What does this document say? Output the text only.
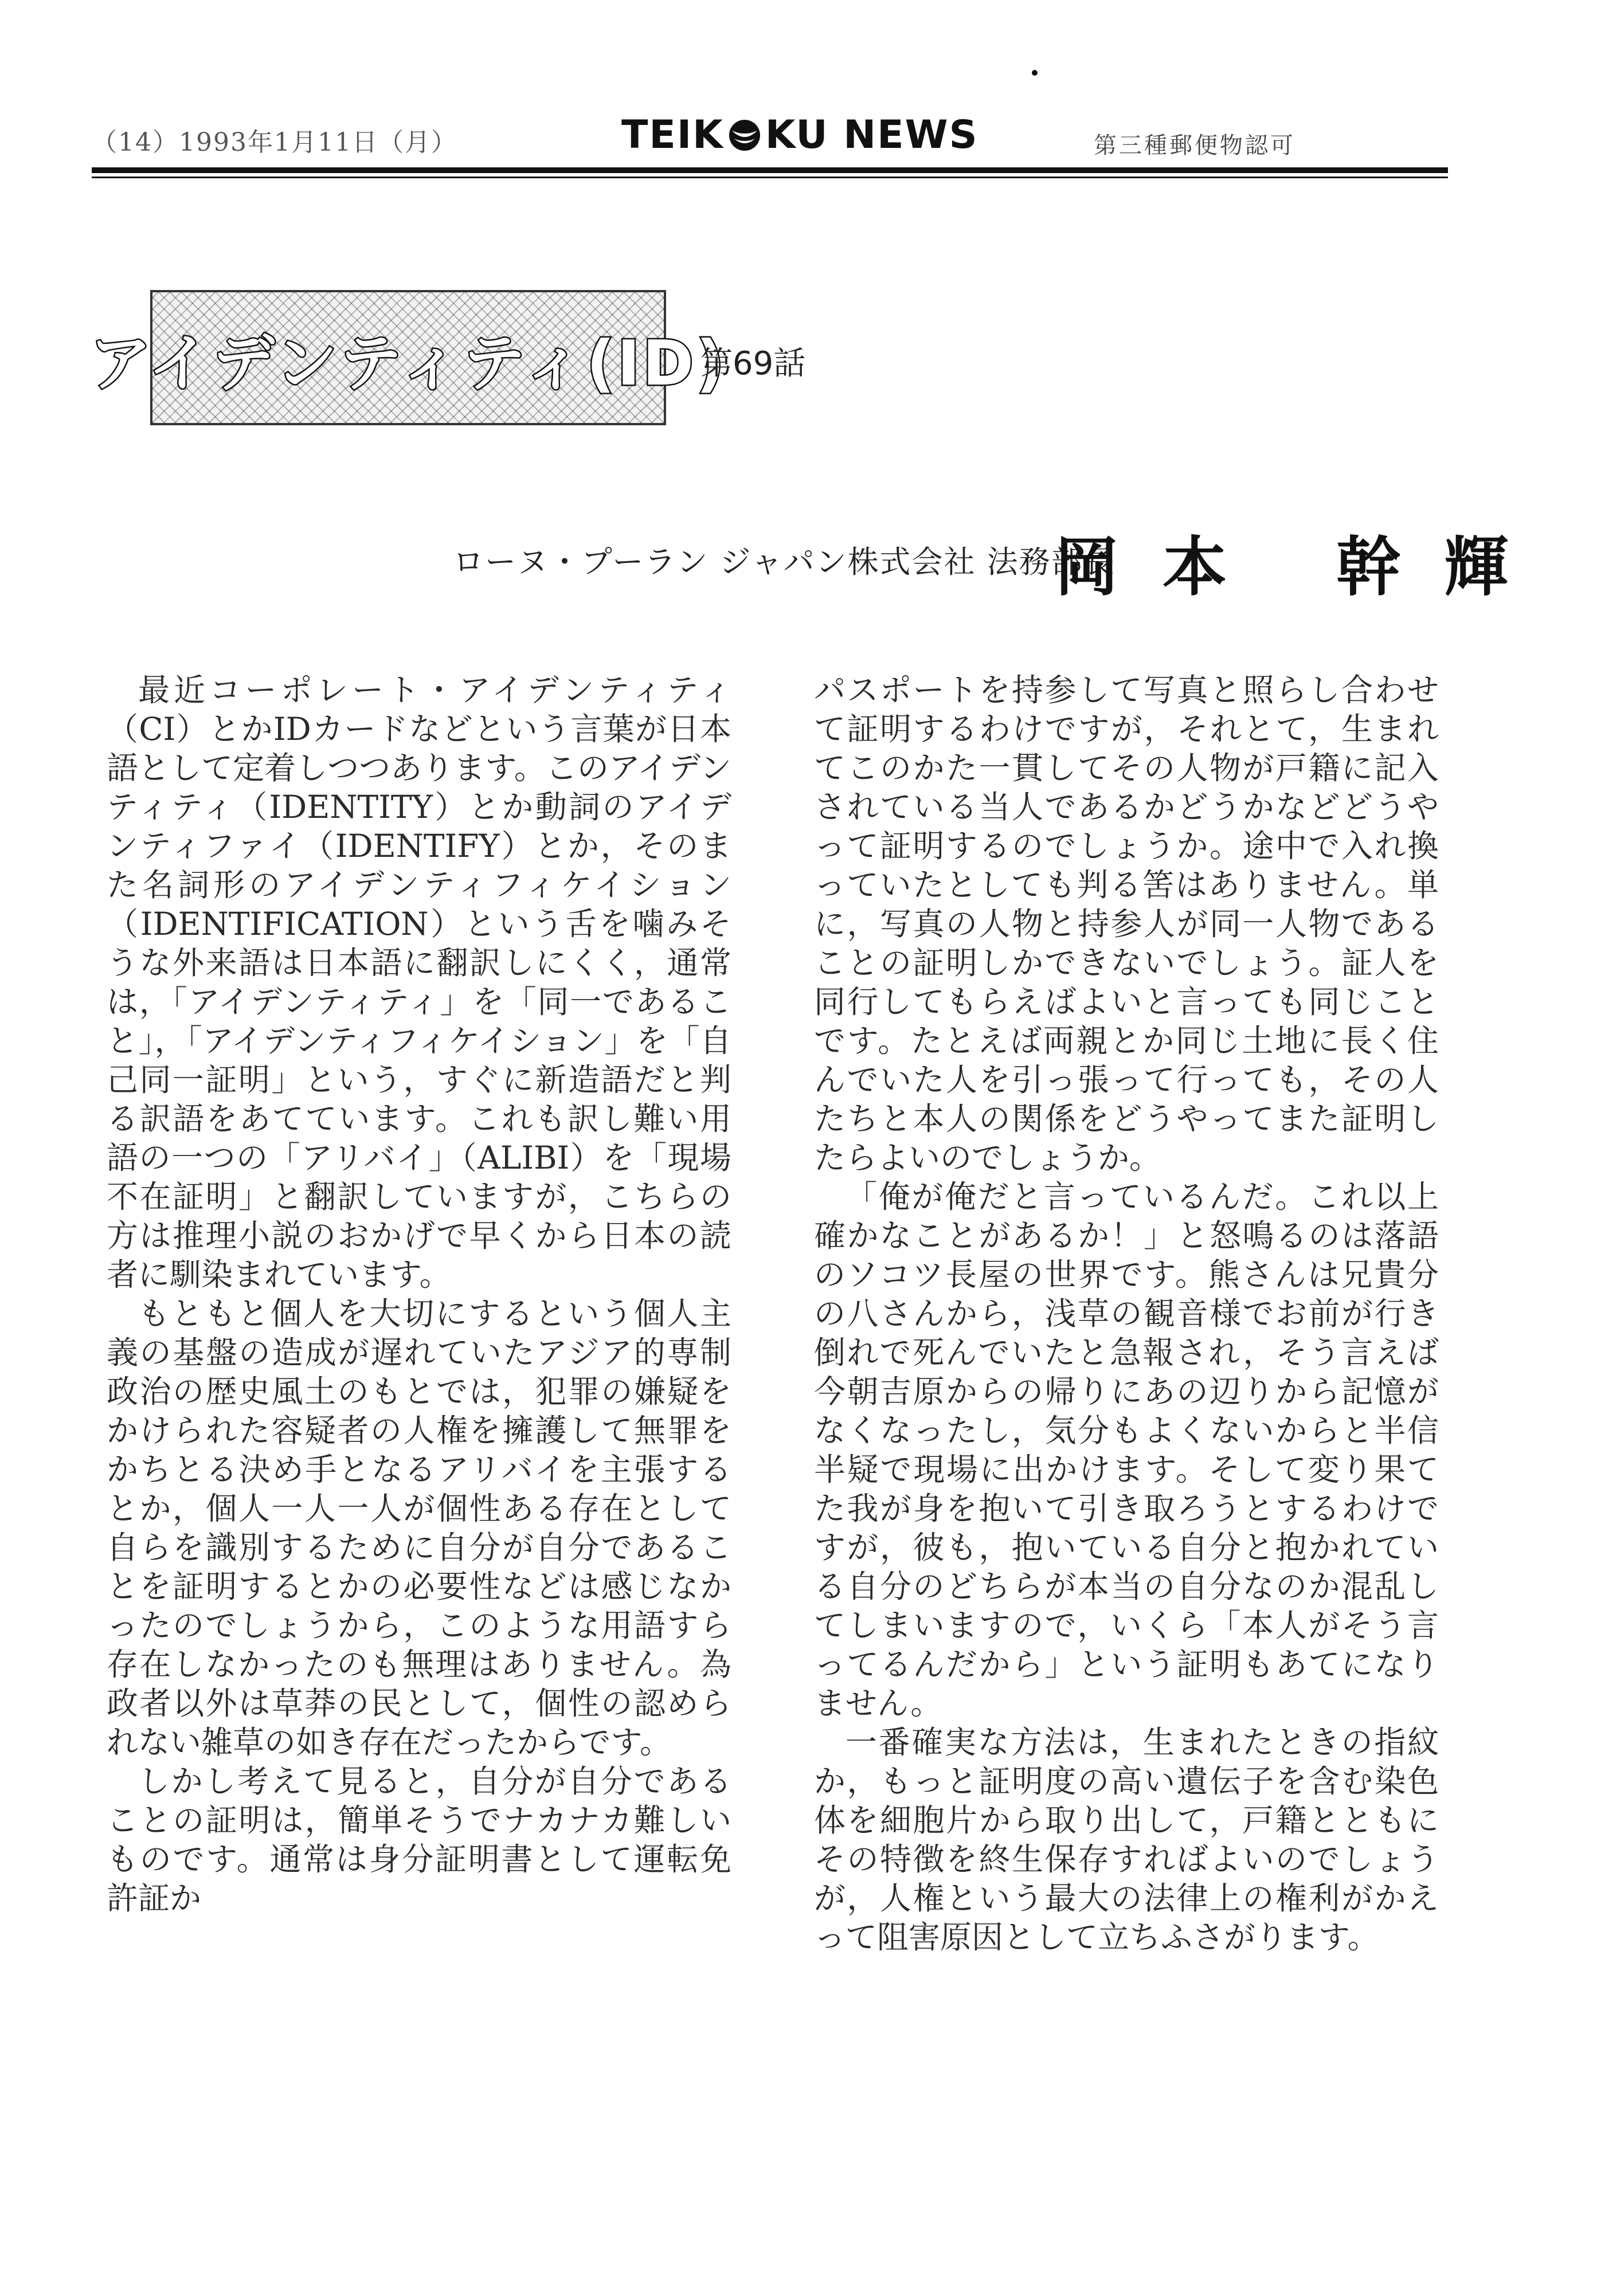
（14）1993年1月11日（月）	TEIK KU NEWS	第三種郵便物認可
アイデンティティ(ID)
第69話
ローヌ・プーラン ジャパン株式会社 法務部長
岡本 幹輝

最近コーポレート・アイデンティティ（CI）とかIDカードなどという言葉が日本語として定着しつつあります。このアイデンティティ（IDENTITY）とか動詞のアイデンティファイ（IDENTIFY）とか，そのまた名詞形のアイデンティフィケイション（IDENTIFICATION）という舌を噛みそうな外来語は日本語に翻訳しにくく，通常は，「アイデンティティ」を「同一であること」，「アイデンティフィケイション」を「自己同一証明」という，すぐに新造語だと判る訳語をあてています。これも訳し難い用語の一つの「アリバイ」（ALIBI）を「現場不在証明」と翻訳していますが，こちらの方は推理小説のおかげで早くから日本の読者に馴染まれています。

もともと個人を大切にするという個人主義の基盤の造成が遅れていたアジア的専制政治の歴史風土のもとでは，犯罪の嫌疑をかけられた容疑者の人権を擁護して無罪をかちとる決め手となるアリバイを主張するとか，個人一人一人が個性ある存在として自らを識別するために自分が自分であることを証明するとかの必要性などは感じなかったのでしょうから，このような用語すら存在しなかったのも無理はありません。為政者以外は草莽の民として，個性の認められない雑草の如き存在だったからです。

しかし考えて見ると，自分が自分であることの証明は，簡単そうでナカナカ難しいものです。通常は身分証明書として運転免許証か

パスポートを持参して写真と照らし合わせて証明するわけですが，それとて，生まれてこのかた一貫してその人物が戸籍に記入されている当人であるかどうかなどどうやって証明するのでしょうか。途中で入れ換っていたとしても判る筈はありません。単に，写真の人物と持参人が同一人物であることの証明しかできないでしょう。証人を同行してもらえばよいと言っても同じことです。たとえば両親とか同じ土地に長く住んでいた人を引っ張って行っても，その人たちと本人の関係をどうやってまた証明したらよいのでしょうか。

「俺が俺だと言っているんだ。これ以上確かなことがあるか！」と怒鳴るのは落語のソコツ長屋の世界です。熊さんは兄貴分の八さんから，浅草の観音様でお前が行き倒れで死んでいたと急報され，そう言えば今朝吉原からの帰りにあの辺りから記憶がなくなったし，気分もよくないからと半信半疑で現場に出かけます。そして変り果てた我が身を抱いて引き取ろうとするわけですが，彼も，抱いている自分と抱かれている自分のどちらが本当の自分なのか混乱してしまいますので，いくら「本人がそう言ってるんだから」という証明もあてになりません。

一番確実な方法は，生まれたときの指紋か，もっと証明度の高い遺伝子を含む染色体を細胞片から取り出して，戸籍とともにその特徴を終生保存すればよいのでしょうが，人権という最大の法律上の権利がかえって阻害原因として立ちふさがります。
